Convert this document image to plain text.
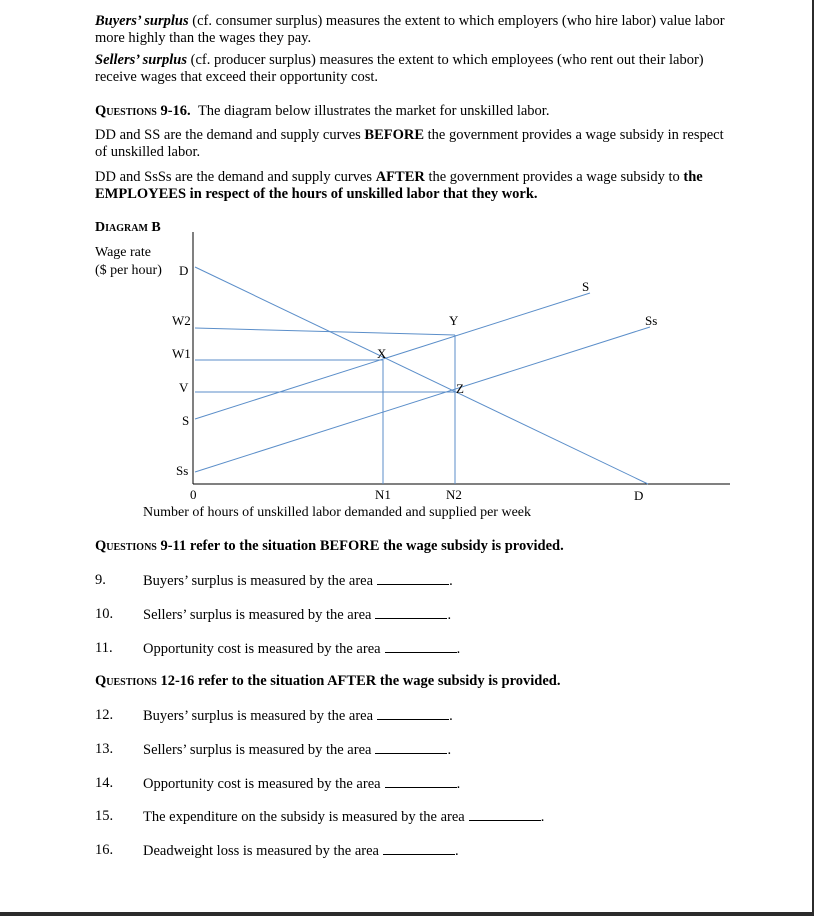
Buyers’ surplus (cf. consumer surplus) measures the extent to which employers (who hire labor) value labor more highly than the wages they pay.
Sellers’ surplus (cf. producer surplus) measures the extent to which employees (who rent out their labor) receive wages that exceed their opportunity cost.
Questions 9-16. The diagram below illustrates the market for unskilled labor.
DD and SS are the demand and supply curves BEFORE the government provides a wage subsidy in respect of unskilled labor.
DD and SsSs are the demand and supply curves AFTER the government provides a wage subsidy to the EMPLOYEES in respect of the hours of unskilled labor that they work.
Diagram B
Wage rate
($ per hour) D
W2
W1
V
S
Ss
0	N1	N2	D
S
Ss
X
Y
Z
Number of hours of unskilled labor demanded and supplied per week
Questions 9-11 refer to the situation BEFORE the wage subsidy is provided.
9.	Buyers’ surplus is measured by the area	.
10. Sellers’ surplus is measured by the area	.
11. Opportunity cost is measured by the area	.
Questions 12-16 refer to the situation AFTER the wage subsidy is provided.
12. Buyers’ surplus is measured by the area	.
13. Sellers’ surplus is measured by the area	.
14. Opportunity cost is measured by the area	.
15. The expenditure on the subsidy is measured by the area	.
16. Deadweight loss is measured by the area	.
